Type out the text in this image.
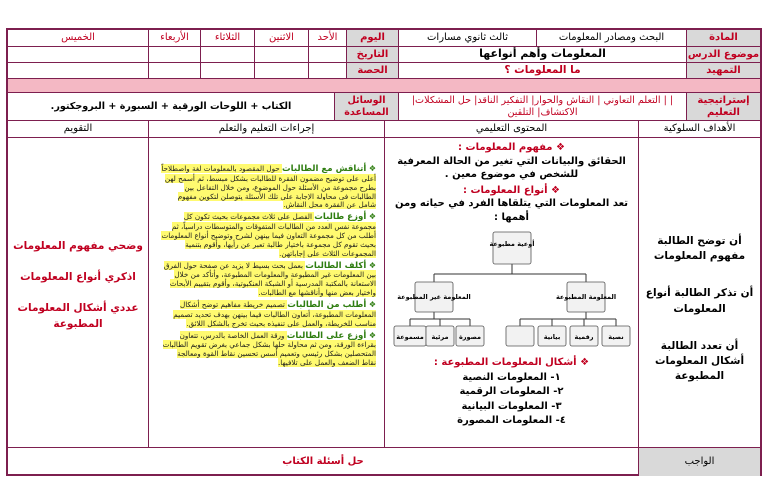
المادة
البحث ومصادر المعلومات
ثالث ثانوي مسارات
اليوم
الأحد
الاثنين
الثلاثاء
الأربعاء
الخميس
موضوع الدرس
المعلومات وأهم أنواعها
التاريخ
التمهيد
ما المعلومات ؟
الحصة
إستراتيجية التعليم
| | التعلم التعاوني | النقاش والحوار| التفكير الناقد| حل المشكلات| الاكتشاف| التلقين
الوسائل المساعدة
الكتاب + اللوحات الورقية + السبورة + البروجكتور.
الأهداف السلوكية
المحتوى التعليمي
إجراءات التعليم والتعلم
التقويم
أن توضح الطالبة مفهوم المعلومات
أن تذكر الطالبة أنواع المعلومات
أن تعدد الطالبة أشكال المعلومات المطبوعة
❖ مفهوم المعلومات :
الحقائق والبيانات التي تغير من الحالة المعرفية للشخص في موضوع معين .
❖ أنواع المعلومات :
تعد المعلومات التي يتلقاها الفرد في حياته ومن أهمها :
أوعية مطبوعة
المعلومة غير المطبوعة	المعلومة المطبوعة
مسموعة مرئية مصورة	بيانية رقمية نصية
❖ أشكال المعلومات المطبوعة :
١- المعلومات النصية
٢- المعلومات الرقمية
٣- المعلومات البيانية
٤- المعلومات المصورة

❖ أتناقش مع الطالبات حول المقصود بالمعلومات لغة واصطلاحاً أعلى على توضيح مضمون الفقرة للطالبات بشكل مبسط، ثم أسمح لهن بطرح مجموعة من الأسئلة حول الموضوع، ومن خلال التفاعل بين الطالبات في محاولة الإجابة على تلك الأسئلة يتوصلن لتكوين مفهوم شامل عن الفقرة محل النقاش.

❖ أوزع طالبات الفصل على ثلاث مجموعات بحيث تكون كل مجموعة نفس العدد من الطالبات المتفوقات والمتوسطات دراسياً، ثم أطلب من كل مجموعة التعاون فيما بينهن لشرح وتوضيح أنواع المعلومات بحيث تقوم كل مجموعة باختيار طالبة تعبر عن رأيها، وأقوم بتنمية المجموعات الثلاث على إجاباتهن.

❖ أكلف الطالبات بعمل بحث بسيط لا يزيد عن صفحة حول الفرق بين المعلومات غير المطبوعة والمعلومات المطبوعة، وأتأكد من خلال الاستعانة بالمكتبة المدرسية أو الشبكة العنكبوتية، وأقوم بتقييم الأبحاث واختيار بعض منها وأناقشها مع الطالبات.

❖ أطلب من الطالبات تصميم خريطة مفاهيم توضح أشكال المعلومات المطبوعة، أتعاون الطالبات فيما بينهن بهدف تحديد تصميم مناسب للخريطة، والعمل على تنفيذه بحيث تخرج بالشكل اللائق.

❖ أوزع على الطالبات ورقة العمل الخاصة بالدرس، تتعاون بقراءة الورقة، ومن ثم محاولة حلها بشكل جماعي بغرض تقويم الطالبات المتحصلين بشكل رئيسي وتعميم أسس تحسين نقاط القوة ومعالجة نقاط الضعف والعمل على تلافيها.

وضحي مفهوم المعلومات
اذكري أنواع المعلومات
عددي أشكال المعلومات المطبوعة
الواجب
حل أسئلة الكتاب
